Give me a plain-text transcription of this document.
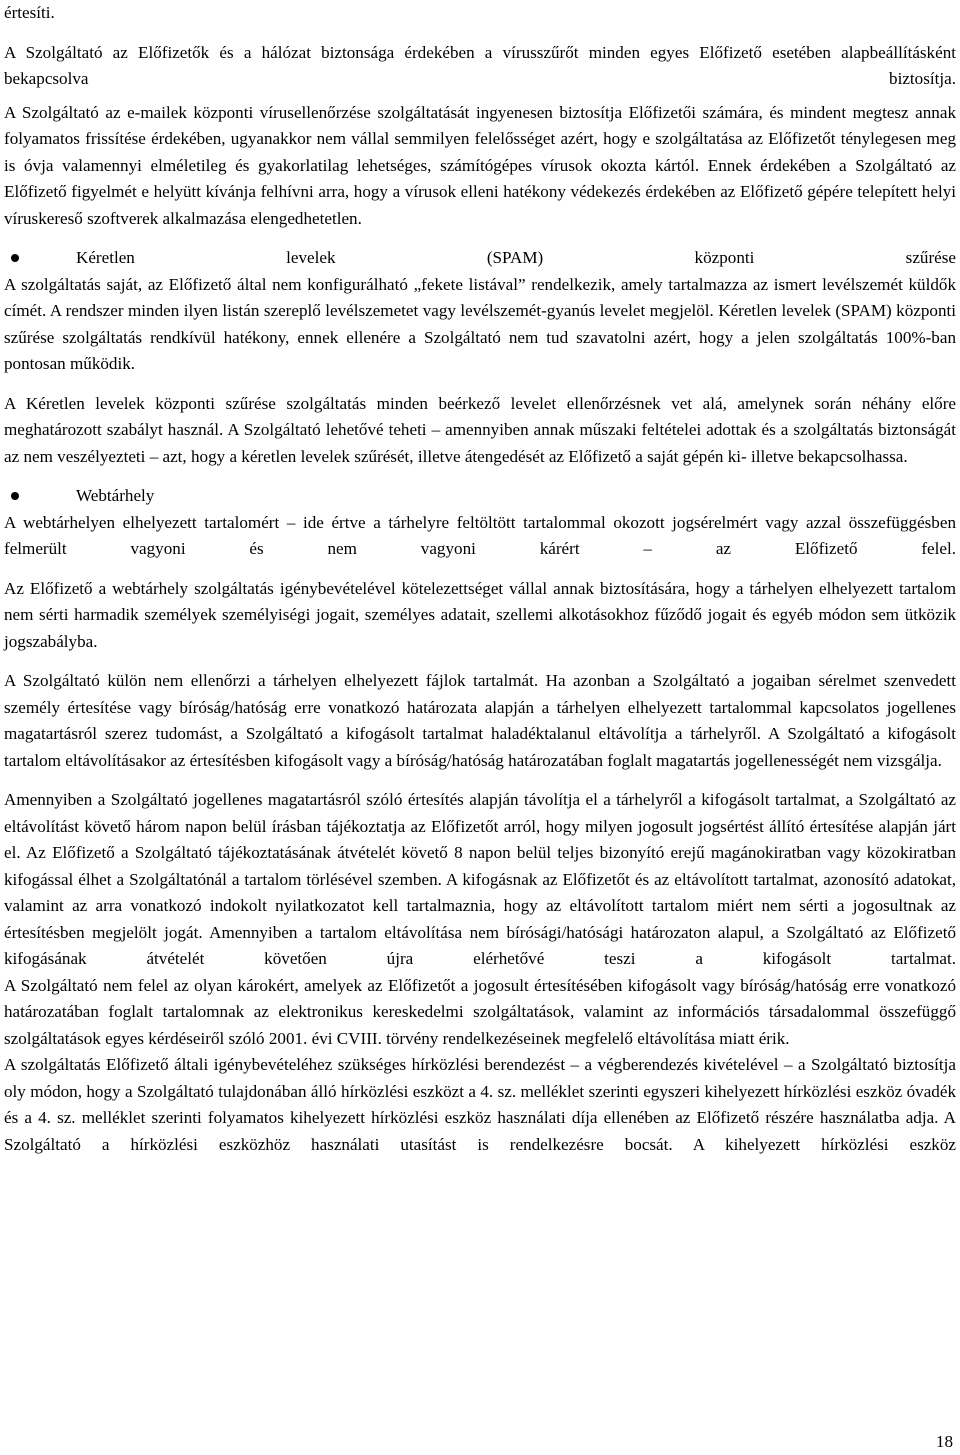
értesíti.

A Szolgáltató az Előfizetők és a hálózat biztonsága érdekében a vírusszűrőt minden egyes Előfizető esetében alapbeállításként bekapcsolva biztosítja.

A Szolgáltató az e-mailek központi vírusellenőrzése szolgáltatását ingyenesen biztosítja Előfizetői számára, és mindent megtesz annak folyamatos frissítése érdekében, ugyanakkor nem vállal semmilyen felelősséget azért, hogy e szolgáltatása az Előfizetőt ténylegesen meg is óvja valamennyi elméletileg és gyakorlatilag lehetséges, számítógépes vírusok okozta kártól. Ennek érdekében a Szolgáltató az Előfizető figyelmét e helyütt kívánja felhívni arra, hogy a vírusok elleni hatékony védekezés érdekében az Előfizető gépére telepített helyi víruskereső szoftverek alkalmazása elengedhetetlen.

Kéretlen levelek (SPAM) központi szűrése

A szolgáltatás saját, az Előfizető által nem konfigurálható „fekete listával” rendelkezik, amely tartalmazza az ismert levélszemét küldők címét. A rendszer minden ilyen listán szereplő levélszemetet vagy levélszemét-gyanús levelet megjelöl. Kéretlen levelek (SPAM) központi szűrése szolgáltatás rendkívül hatékony, ennek ellenére a Szolgáltató nem tud szavatolni azért, hogy a jelen szolgáltatás 100%-ban pontosan működik.

A Kéretlen levelek központi szűrése szolgáltatás minden beérkező levelet ellenőrzésnek vet alá, amelynek során néhány előre meghatározott szabályt használ. A Szolgáltató lehetővé teheti – amennyiben annak műszaki feltételei adottak és a szolgáltatás biztonságát az nem veszélyezteti – azt, hogy a kéretlen levelek szűrését, illetve átengedését az Előfizető a saját gépén ki- illetve bekapcsolhassa.

Webtárhely

A webtárhelyen elhelyezett tartalomért – ide értve a tárhelyre feltöltött tartalommal okozott jogsérelmért vagy azzal összefüggésben felmerült vagyoni és nem vagyoni kárért – az Előfizető felel.

Az Előfizető a webtárhely szolgáltatás igénybevételével kötelezettséget vállal annak biztosítására, hogy a tárhelyen elhelyezett tartalom nem sérti harmadik személyek személyiségi jogait, személyes adatait, szellemi alkotásokhoz fűződő jogait és egyéb módon sem ütközik jogszabályba.

A Szolgáltató külön nem ellenőrzi a tárhelyen elhelyezett fájlok tartalmát. Ha azonban a Szolgáltató a jogaiban sérelmet szenvedett személy értesítése vagy bíróság/hatóság erre vonatkozó határozata alapján a tárhelyen elhelyezett tartalommal kapcsolatos jogellenes magatartásról szerez tudomást, a Szolgáltató a kifogásolt tartalmat haladéktalanul eltávolítja a tárhelyről. A Szolgáltató a kifogásolt tartalom eltávolításakor az értesítésben kifogásolt vagy a bíróság/hatóság határozatában foglalt magatartás jogellenességét nem vizsgálja.

Amennyiben a Szolgáltató jogellenes magatartásról szóló értesítés alapján távolítja el a tárhelyről a kifogásolt tartalmat, a Szolgáltató az eltávolítást követő három napon belül írásban tájékoztatja az Előfizetőt arról, hogy milyen jogosult jogsértést állító értesítése alapján járt el. Az Előfizető a Szolgáltató tájékoztatásának átvételét követő 8 napon belül teljes bizonyító erejű magánokiratban vagy közokiratban kifogással élhet a Szolgáltatónál a tartalom törlésével szemben. A kifogásnak az Előfizetőt és az eltávolított tartalmat, azonosító adatokat, valamint az arra vonatkozó indokolt nyilatkozatot kell tartalmaznia, hogy az eltávolított tartalom miért nem sérti a jogosultnak az értesítésben megjelölt jogát. Amennyiben a tartalom eltávolítása nem bírósági/hatósági határozaton alapul, a Szolgáltató az Előfizető kifogásának átvételét követően újra elérhetővé teszi a kifogásolt tartalmat.

A Szolgáltató nem felel az olyan károkért, amelyek az Előfizetőt a jogosult értesítésében kifogásolt vagy bíróság/hatóság erre vonatkozó határozatában foglalt tartalomnak az elektronikus kereskedelmi szolgáltatások, valamint az információs társadalommal összefüggő szolgáltatások egyes kérdéseiről szóló 2001. évi CVIII. törvény rendelkezéseinek megfelelő eltávolítása miatt érik.

A szolgáltatás Előfizető általi igénybevételéhez szükséges hírközlési berendezést – a végberendezés kivételével – a Szolgáltató biztosítja oly módon, hogy a Szolgáltató tulajdonában álló hírközlési eszközt a 4. sz. melléklet szerinti egyszeri kihelyezett hírközlési eszköz óvadék és a 4. sz. melléklet szerinti folyamatos kihelyezett hírközlési eszköz használati díja ellenében az Előfizető részére használatba adja. A Szolgáltató a hírközlési eszközhöz használati utasítást is rendelkezésre bocsát. A kihelyezett hírközlési eszköz

18
